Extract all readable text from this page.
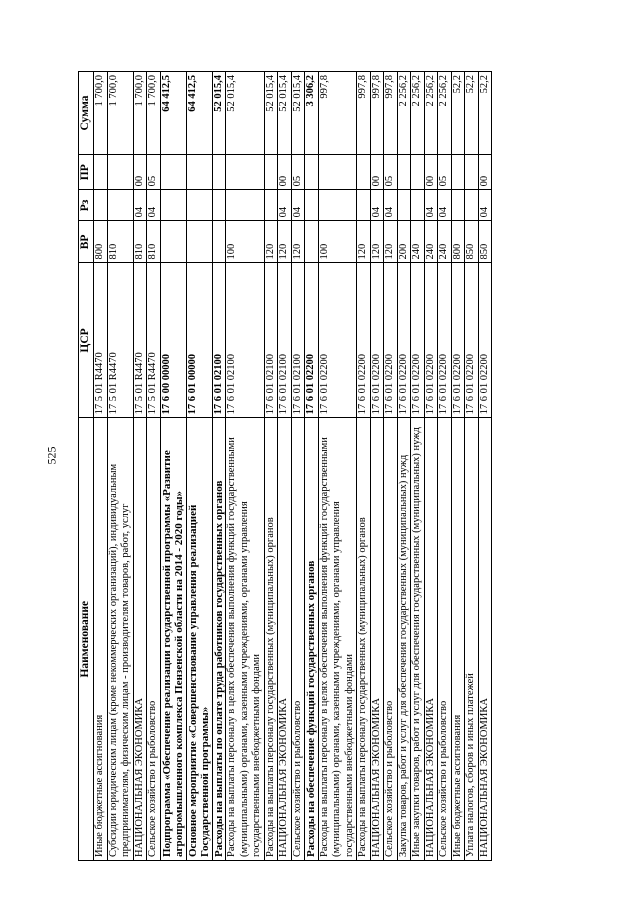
525
Наименование	ЦСР	ВР	Рз	ПР	Сумма
Иные бюджетные ассигнования	17 5 01 R4470	800			1 700,0
Субсидии юридическим лицам (кроме некоммерческих организаций), индивидуальным предпринимателям, физическим лицам - производителям товаров, работ, услуг	17 5 01 R4470	810			1 700,0
НАЦИОНАЛЬНАЯ ЭКОНОМИКА	17 5 01 R4470	810	04	00	1 700,0
Сельское хозяйство и рыболовство	17 5 01 R4470	810	04	05	1 700,0
Подпрограмма «Обеспечение реализации государственной программы «Развитие агропромышленного комплекса Пензенской области на 2014 - 2020 годы»	17 6 00 00000				64 412,5
Основное мероприятие «Совершенствование управления реализацией Государственной программы»	17 6 01 00000				64 412,5
Расходы на выплаты по оплате труда работников государственных органов	17 6 01 02100				52 015,4
Расходы на выплаты персоналу в целях обеспечения выполнения функций государственными (муниципальными) органами, казенными учреждениями, органами управления государственными внебюджетными фондами	17 6 01 02100	100			52 015,4
Расходы на выплаты персоналу государственных (муниципальных) органов	17 6 01 02100	120			52 015,4
НАЦИОНАЛЬНАЯ ЭКОНОМИКА	17 6 01 02100	120	04	00	52 015,4
Сельское хозяйство и рыболовство	17 6 01 02100	120	04	05	52 015,4
Расходы на обеспечение функций государственных органов	17 6 01 02200				3 306,2
Расходы на выплаты персоналу в целях обеспечения выполнения функций государственными (муниципальными) органами, казенными учреждениями, органами управления государственными внебюджетными фондами	17 6 01 02200	100			997,8
Расходы на выплаты персоналу государственных (муниципальных) органов	17 6 01 02200	120			997,8
НАЦИОНАЛЬНАЯ ЭКОНОМИКА	17 6 01 02200	120	04	00	997,8
Сельское хозяйство и рыболовство	17 6 01 02200	120	04	05	997,8
Закупка товаров, работ и услуг для обеспечения государственных (муниципальных) нужд	17 6 01 02200	200			2 256,2
Иные закупки товаров, работ и услуг для обеспечения государственных (муниципальных) нужд	17 6 01 02200	240			2 256,2
НАЦИОНАЛЬНАЯ ЭКОНОМИКА	17 6 01 02200	240	04	00	2 256,2
Сельское хозяйство и рыболовство	17 6 01 02200	240	04	05	2 256,2
Иные бюджетные ассигнования	17 6 01 02200	800			52,2
Уплата налогов, сборов и иных платежей	17 6 01 02200	850			52,2
НАЦИОНАЛЬНАЯ ЭКОНОМИКА	17 6 01 02200	850	04	00	52,2
